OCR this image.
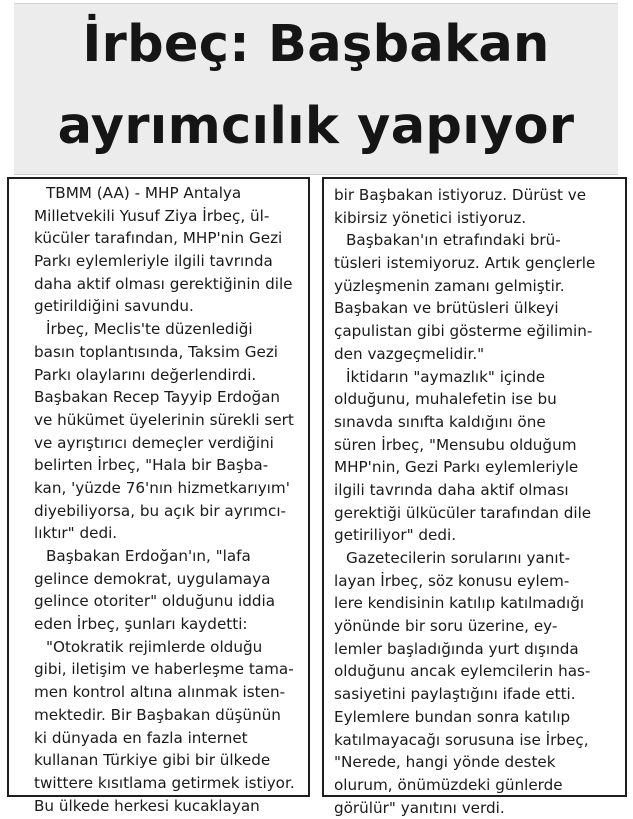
İrbeç: Başbakan
ayrımcılık yapıyor
TBMM (AA) - MHP Antalya
Milletvekili Yusuf Ziya İrbeç, ül-
kücüler tarafından, MHP'nin Gezi
Parkı eylemleriyle ilgili tavrında
daha aktif olması gerektiğinin dile
getirildiğini savundu.
İrbeç, Meclis'te düzenlediği
basın toplantısında, Taksim Gezi
Parkı olaylarını değerlendirdi.
Başbakan Recep Tayyip Erdoğan
ve hükümet üyelerinin sürekli sert
ve ayrıştırıcı demeçler verdiğini
belirten İrbeç, "Hala bir Başba-
kan, 'yüzde 76'nın hizmetkarıyım'
diyebiliyorsa, bu açık bir ayrımcı-
lıktır" dedi.
Başbakan Erdoğan'ın, "lafa
gelince demokrat, uygulamaya
gelince otoriter" olduğunu iddia
eden İrbeç, şunları kaydetti:
"Otokratik rejimlerde olduğu
gibi, iletişim ve haberleşme tama-
men kontrol altına alınmak isten-
mektedir. Bir Başbakan düşünün
ki dünyada en fazla internet
kullanan Türkiye gibi bir ülkede
twittere kısıtlama getirmek istiyor.
Bu ülkede herkesi kucaklayan
bir Başbakan istiyoruz. Dürüst ve
kibirsiz yönetici istiyoruz.
Başbakan'ın etrafındaki brü-
tüsleri istemiyoruz. Artık gençlerle
yüzleşmenin zamanı gelmiştir.
Başbakan ve brütüsleri ülkeyi
çapulistan gibi gösterme eğilimin-
den vazgeçmelidir."
İktidarın "aymazlık" içinde
olduğunu, muhalefetin ise bu
sınavda sınıfta kaldığını öne
süren İrbeç, "Mensubu olduğum
MHP'nin, Gezi Parkı eylemleriyle
ilgili tavrında daha aktif olması
gerektiği ülkücüler tarafından dile
getiriliyor" dedi.
Gazetecilerin sorularını yanıt-
layan İrbeç, söz konusu eylem-
lere kendisinin katılıp katılmadığı
yönünde bir soru üzerine, ey-
lemler başladığında yurt dışında
olduğunu ancak eylemcilerin has-
sasiyetini paylaştığını ifade etti.
Eylemlere bundan sonra katılıp
katılmayacağı sorusuna ise İrbeç,
"Nerede, hangi yönde destek
olurum, önümüzdeki günlerde
görülür" yanıtını verdi.
